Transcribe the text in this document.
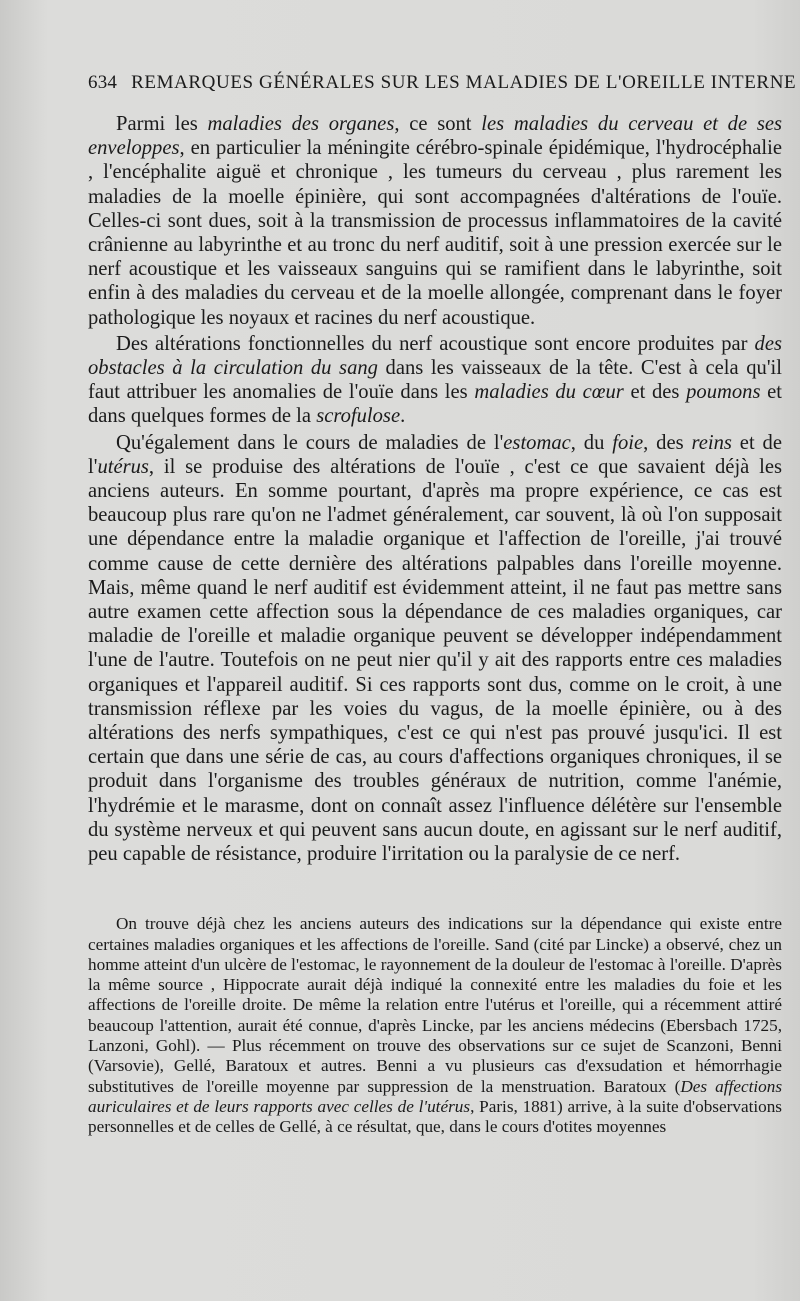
634 REMARQUES GÉNÉRALES SUR LES MALADIES DE L'OREILLE INTERNE

Parmi les maladies des organes, ce sont les maladies du cerveau et de ses enveloppes, en particulier la méningite cérébro-spinale épidémique, l'hydrocéphalie , l'encéphalite aiguë et chronique , les tumeurs du cerveau , plus rarement les maladies de la moelle épinière, qui sont accompagnées d'altérations de l'ouïe. Celles-ci sont dues, soit à la transmission de processus inflammatoires de la cavité crânienne au labyrinthe et au tronc du nerf auditif, soit à une pression exercée sur le nerf acoustique et les vaisseaux sanguins qui se ramifient dans le labyrinthe, soit enfin à des maladies du cerveau et de la moelle allongée, comprenant dans le foyer pathologique les noyaux et racines du nerf acoustique.

Des altérations fonctionnelles du nerf acoustique sont encore produites par des obstacles à la circulation du sang dans les vaisseaux de la tête. C'est à cela qu'il faut attribuer les anomalies de l'ouïe dans les maladies du cœur et des poumons et dans quelques formes de la scrofulose.

Qu'également dans le cours de maladies de l'estomac, du foie, des reins et de l'utérus, il se produise des altérations de l'ouïe , c'est ce que savaient déjà les anciens auteurs. En somme pourtant, d'après ma propre expérience, ce cas est beaucoup plus rare qu'on ne l'admet généralement, car souvent, là où l'on supposait une dépendance entre la maladie organique et l'affection de l'oreille, j'ai trouvé comme cause de cette dernière des altérations palpables dans l'oreille moyenne. Mais, même quand le nerf auditif est évidemment atteint, il ne faut pas mettre sans autre examen cette affection sous la dépendance de ces maladies organiques, car maladie de l'oreille et maladie organique peuvent se développer indépendamment l'une de l'autre. Toutefois on ne peut nier qu'il y ait des rapports entre ces maladies organiques et l'appareil auditif. Si ces rapports sont dus, comme on le croit, à une transmission réflexe par les voies du vagus, de la moelle épinière, ou à des altérations des nerfs sympathiques, c'est ce qui n'est pas prouvé jusqu'ici. Il est certain que dans une série de cas, au cours d'affections organiques chroniques, il se produit dans l'organisme des troubles généraux de nutrition, comme l'anémie, l'hydrémie et le marasme, dont on connaît assez l'influence délétère sur l'ensemble du système nerveux et qui peuvent sans aucun doute, en agissant sur le nerf auditif, peu capable de résistance, produire l'irritation ou la paralysie de ce nerf.

On trouve déjà chez les anciens auteurs des indications sur la dépendance qui existe entre certaines maladies organiques et les affections de l'oreille. Sand (cité par Lincke) a observé, chez un homme atteint d'un ulcère de l'estomac, le rayonnement de la douleur de l'estomac à l'oreille. D'après la même source , Hippocrate aurait déjà indiqué la connexité entre les maladies du foie et les affections de l'oreille droite. De même la relation entre l'utérus et l'oreille, qui a récemment attiré beaucoup l'attention, aurait été connue, d'après Lincke, par les anciens médecins (Ebersbach 1725, Lanzoni, Gohl). — Plus récemment on trouve des observations sur ce sujet de Scanzoni, Benni (Varsovie), Gellé, Baratoux et autres. Benni a vu plusieurs cas d'exsudation et hémorrhagie substitutives de l'oreille moyenne par suppression de la menstruation. Baratoux (Des affections auriculaires et de leurs rapports avec celles de l'utérus, Paris, 1881) arrive, à la suite d'observations personnelles et de celles de Gellé, à ce résultat, que, dans le cours d'otites moyennes
